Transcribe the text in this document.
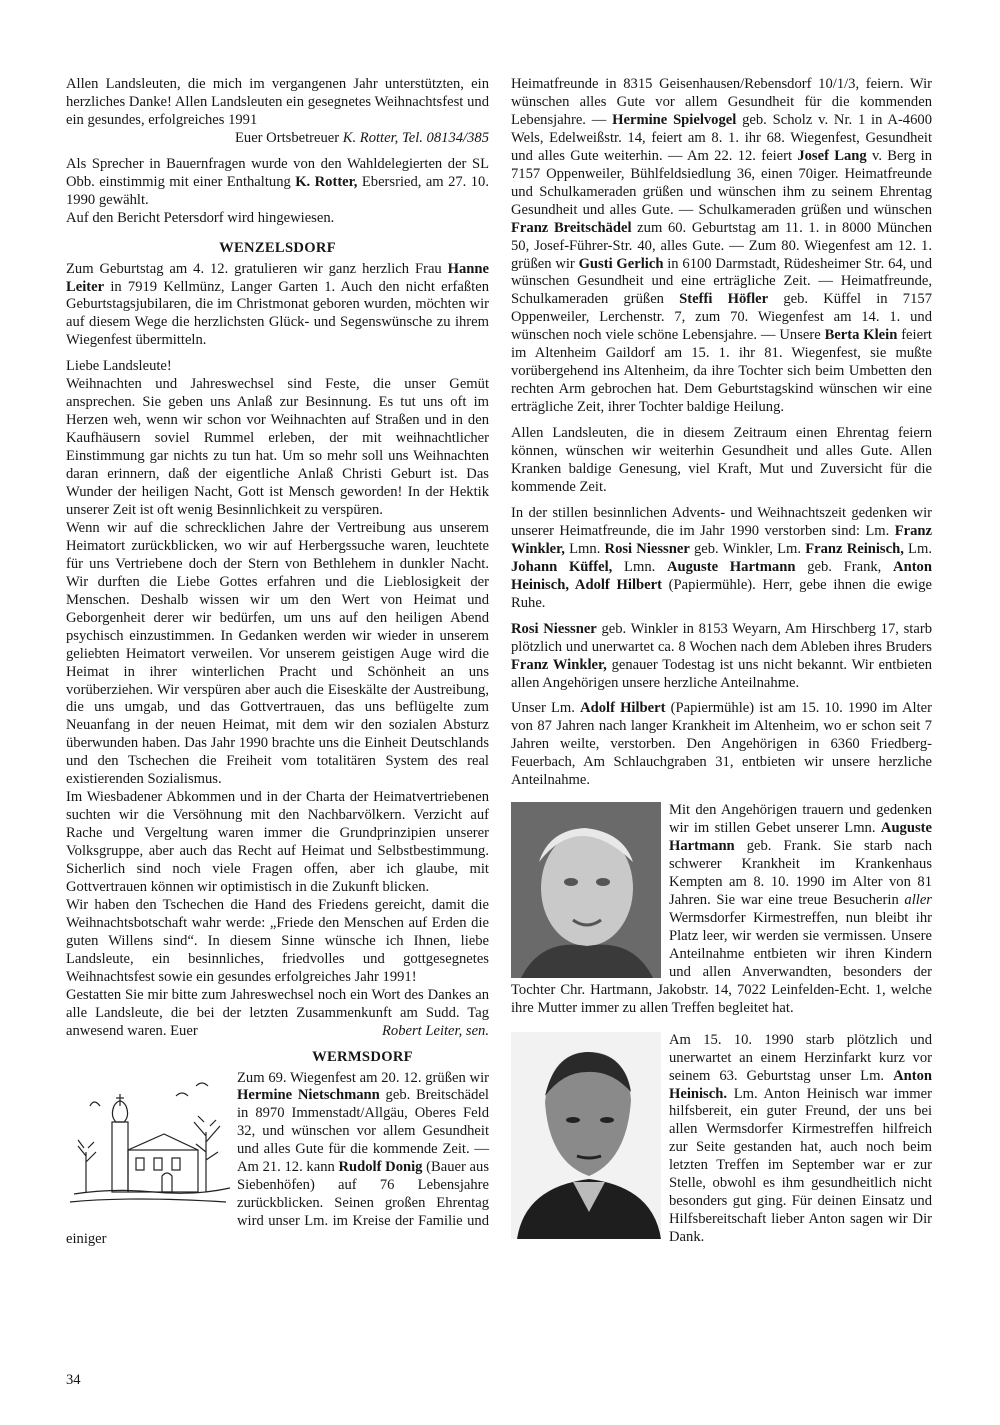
Allen Landsleuten, die mich im vergangenen Jahr unterstützten, ein herzliches Danke! Allen Landsleuten ein gesegnetes Weihnachtsfest und ein gesundes, erfolgreiches 1991

Euer Ortsbetreuer K. Rotter, Tel. 08134/385

Als Sprecher in Bauernfragen wurde von den Wahldelegierten der SL Obb. einstimmig mit einer Enthaltung K. Rotter, Ebersried, am 27. 10. 1990 gewählt.

Auf den Bericht Petersdorf wird hingewiesen.

WENZELSDORF

Zum Geburtstag am 4. 12. gratulieren wir ganz herzlich Frau Hanne Leiter in 7919 Kellmünz, Langer Garten 1. Auch den nicht erfaßten Geburtstagsjubilaren, die im Christmonat geboren wurden, möchten wir auf diesem Wege die herzlichsten Glück- und Segenswünsche zu ihrem Wiegenfest übermitteln.

Liebe Landsleute!

Weihnachten und Jahreswechsel sind Feste, die unser Gemüt ansprechen. Sie geben uns Anlaß zur Besinnung. Es tut uns oft im Herzen weh, wenn wir schon vor Weihnachten auf Straßen und in den Kaufhäusern soviel Rummel erleben, der mit weihnachtlicher Einstimmung gar nichts zu tun hat. Um so mehr soll uns Weihnachten daran erinnern, daß der eigentliche Anlaß Christi Geburt ist. Das Wunder der heiligen Nacht, Gott ist Mensch geworden! In der Hektik unserer Zeit ist oft wenig Besinnlichkeit zu verspüren.

Wenn wir auf die schrecklichen Jahre der Vertreibung aus unserem Heimatort zurückblicken, wo wir auf Herbergssuche waren, leuchtete für uns Vertriebene doch der Stern von Bethlehem in dunkler Nacht. Wir durften die Liebe Gottes erfahren und die Lieblosigkeit der Menschen. Deshalb wissen wir um den Wert von Heimat und Geborgenheit derer wir bedürfen, um uns auf den heiligen Abend psychisch einzustimmen. In Gedanken werden wir wieder in unserem geliebten Heimatort verweilen. Vor unserem geistigen Auge wird die Heimat in ihrer winterlichen Pracht und Schönheit an uns vorüberziehen. Wir verspüren aber auch die Eiseskälte der Austreibung, die uns umgab, und das Gottvertrauen, das uns beflügelte zum Neuanfang in der neuen Heimat, mit dem wir den sozialen Absturz überwunden haben. Das Jahr 1990 brachte uns die Einheit Deutschlands und den Tschechen die Freiheit vom totalitären System des real existierenden Sozialismus.

Im Wiesbadener Abkommen und in der Charta der Heimatvertriebenen suchten wir die Versöhnung mit den Nachbarvölkern. Verzicht auf Rache und Vergeltung waren immer die Grundprinzipien unserer Volksgruppe, aber auch das Recht auf Heimat und Selbstbestimmung. Sicherlich sind noch viele Fragen offen, aber ich glaube, mit Gottvertrauen können wir optimistisch in die Zukunft blicken.

Wir haben den Tschechen die Hand des Friedens gereicht, damit die Weihnachtsbotschaft wahr werde: „Friede den Menschen auf Erden die guten Willens sind“. In diesem Sinne wünsche ich Ihnen, liebe Landsleute, ein besinnliches, friedvolles und gottgesegnetes Weihnachtsfest sowie ein gesundes erfolgreiches Jahr 1991!

Gestatten Sie mir bitte zum Jahreswechsel noch ein Wort des Dankes an alle Landsleute, die bei der letzten Zusammenkunft am Sudd. Tag anwesend waren. Euer	Robert Leiter, sen.

WERMSDORF

Zum 69. Wiegenfest am 20. 12. grüßen wir Hermine Nietschmann geb. Breitschädel in 8970 Immenstadt/Allgäu, Oberes Feld 32, und wünschen vor allem Gesundheit und alles Gute für die kommende Zeit. — Am 21. 12. kann Rudolf Donig (Bauer aus Siebenhöfen) auf 76 Lebensjahre zurückblicken. Seinen großen Ehrentag wird unser Lm. im Kreise der Familie und einiger

Heimatfreunde in 8315 Geisenhausen/Rebensdorf 10/1/3, feiern. Wir wünschen alles Gute vor allem Gesundheit für die kommenden Lebensjahre. — Hermine Spielvogel geb. Scholz v. Nr. 1 in A-4600 Wels, Edelweißstr. 14, feiert am 8. 1. ihr 68. Wiegenfest, Gesundheit und alles Gute weiterhin. — Am 22. 12. feiert Josef Lang v. Berg in 7157 Oppenweiler, Bühlfeldsiedlung 36, einen 70iger. Heimatfreunde und Schulkameraden grüßen und wünschen ihm zu seinem Ehrentag Gesundheit und alles Gute. — Schulkameraden grüßen und wünschen Franz Breitschädel zum 60. Geburtstag am 11. 1. in 8000 München 50, Josef-Führer-Str. 40, alles Gute. — Zum 80. Wiegenfest am 12. 1. grüßen wir Gusti Gerlich in 6100 Darmstadt, Rüdesheimer Str. 64, und wünschen Gesundheit und eine erträgliche Zeit. — Heimatfreunde, Schulkameraden grüßen Steffi Höfler geb. Küffel in 7157 Oppenweiler, Lerchenstr. 7, zum 70. Wiegenfest am 14. 1. und wünschen noch viele schöne Lebensjahre. — Unsere Berta Klein feiert im Altenheim Gaildorf am 15. 1. ihr 81. Wiegenfest, sie mußte vorübergehend ins Altenheim, da ihre Tochter sich beim Umbetten den rechten Arm gebrochen hat. Dem Geburtstagskind wünschen wir eine erträgliche Zeit, ihrer Tochter baldige Heilung.

Allen Landsleuten, die in diesem Zeitraum einen Ehrentag feiern können, wünschen wir weiterhin Gesundheit und alles Gute. Allen Kranken baldige Genesung, viel Kraft, Mut und Zuversicht für die kommende Zeit.

In der stillen besinnlichen Advents- und Weihnachtszeit gedenken wir unserer Heimatfreunde, die im Jahr 1990 verstorben sind: Lm. Franz Winkler, Lmn. Rosi Niessner geb. Winkler, Lm. Franz Reinisch, Lm. Johann Küffel, Lmn. Auguste Hartmann geb. Frank, Anton Heinisch, Adolf Hilbert (Papiermühle). Herr, gebe ihnen die ewige Ruhe.

Rosi Niessner geb. Winkler in 8153 Weyarn, Am Hirschberg 17, starb plötzlich und unerwartet ca. 8 Wochen nach dem Ableben ihres Bruders Franz Winkler, genauer Todestag ist uns nicht bekannt. Wir entbieten allen Angehörigen unsere herzliche Anteilnahme.

Unser Lm. Adolf Hilbert (Papiermühle) ist am 15. 10. 1990 im Alter von 87 Jahren nach langer Krankheit im Altenheim, wo er schon seit 7 Jahren weilte, verstorben. Den Angehörigen in 6360 Friedberg-Feuerbach, Am Schlauchgraben 31, entbieten wir unsere herzliche Anteilnahme.

Mit den Angehörigen trauern und gedenken wir im stillen Gebet unserer Lmn. Auguste Hartmann geb. Frank. Sie starb nach schwerer Krankheit im Krankenhaus Kempten am 8. 10. 1990 im Alter von 81 Jahren. Sie war eine treue Besucherin aller Wermsdorfer Kirmestreffen, nun bleibt ihr Platz leer, wir werden sie vermissen. Unsere Anteilnahme entbieten wir ihren Kindern und allen Anverwandten, besonders der Tochter Chr. Hartmann, Jakobstr. 14, 7022 Leinfelden-Echt. 1, welche ihre Mutter immer zu allen Treffen begleitet hat.

Am 15. 10. 1990 starb plötzlich und unerwartet an einem Herzinfarkt kurz vor seinem 63. Geburtstag unser Lm. Anton Heinisch. Lm. Anton Heinisch war immer hilfsbereit, ein guter Freund, der uns bei allen Wermsdorfer Kirmestreffen hilfreich zur Seite gestanden hat, auch noch beim letzten Treffen im September war er zur Stelle, obwohl es ihm gesundheitlich nicht besonders gut ging. Für deinen Einsatz und Hilfsbereitschaft lieber Anton sagen wir Dir Dank.

34
